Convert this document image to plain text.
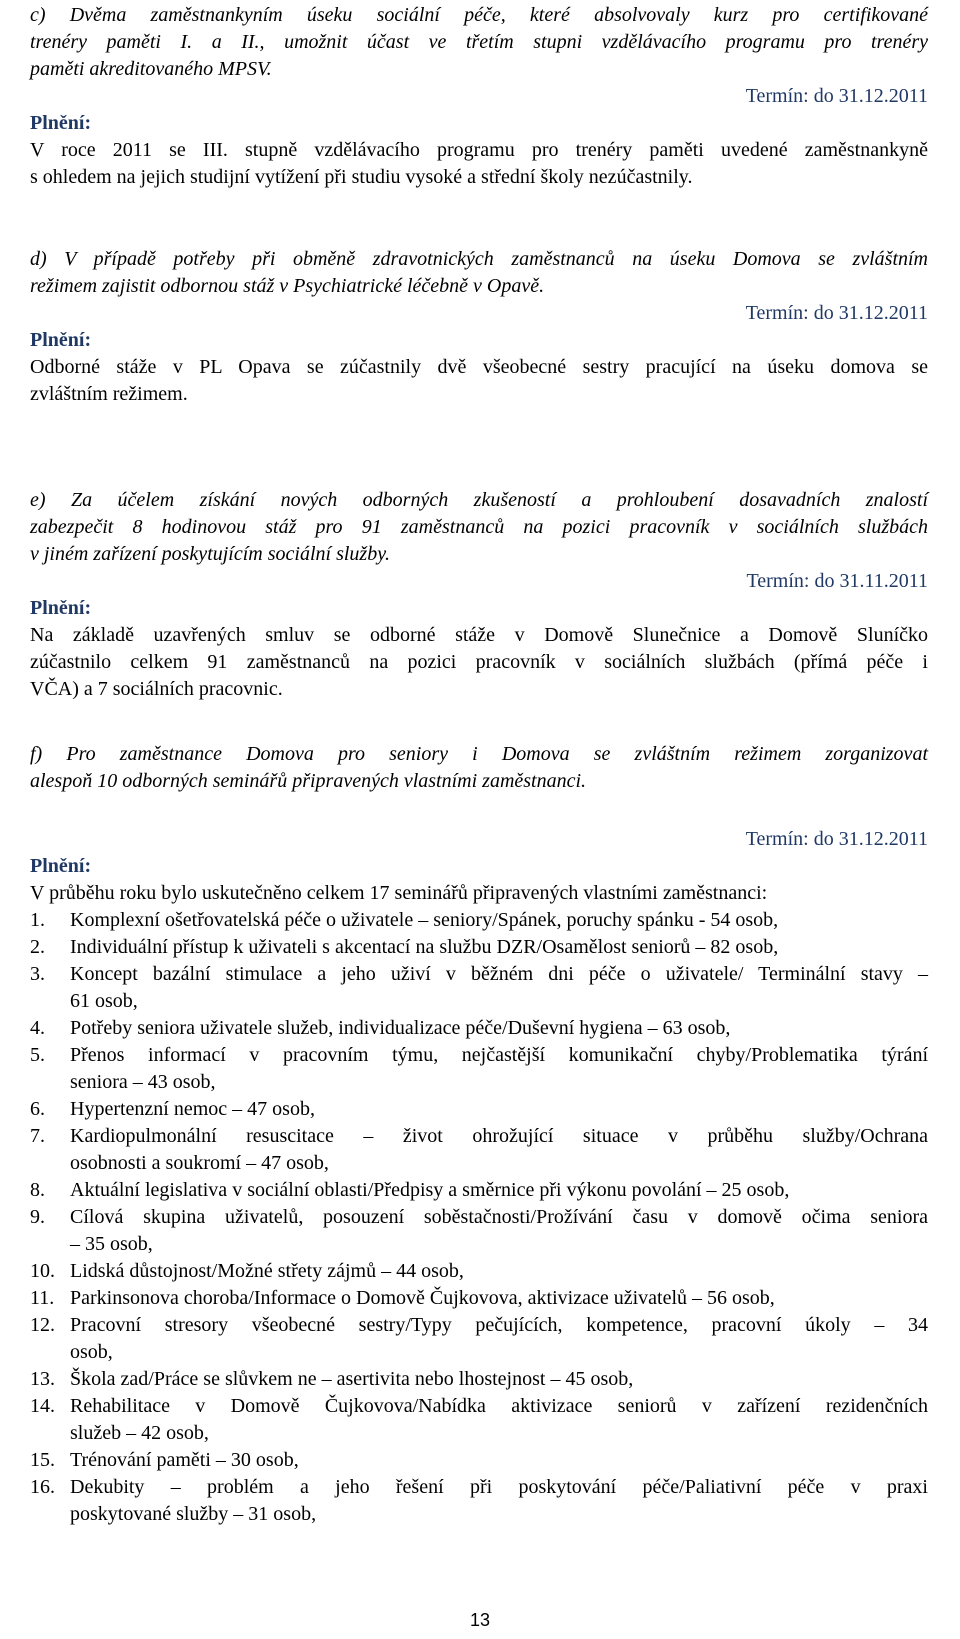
c) Dvěma zaměstnankyním úseku sociální péče, které absolvovaly kurz pro certifikované
trenéry paměti I. a II., umožnit účast ve třetím stupni vzdělávacího programu pro trenéry
paměti akreditovaného MPSV.
Termín: do 31.12.2011
Plnění:
V roce 2011 se III. stupně vzdělávacího programu pro trenéry paměti uvedené zaměstnankyně
s ohledem na jejich studijní vytížení při studiu vysoké a střední školy nezúčastnily.
d) V případě potřeby při obměně zdravotnických zaměstnanců na úseku Domova se zvláštním
režimem zajistit odbornou stáž v Psychiatrické léčebně v Opavě.
Termín: do 31.12.2011
Plnění:
Odborné stáže v PL Opava se zúčastnily dvě všeobecné sestry pracující na úseku domova se
zvláštním režimem.
e) Za účelem získání nových odborných zkušeností a prohloubení dosavadních znalostí
zabezpečit 8 hodinovou stáž pro 91 zaměstnanců na pozici pracovník v sociálních službách
v jiném zařízení poskytujícím sociální služby.
Termín: do 31.11.2011
Plnění:
Na základě uzavřených smluv se odborné stáže v Domově Slunečnice a Domově Sluníčko
zúčastnilo celkem 91 zaměstnanců na pozici pracovník v sociálních službách (přímá péče i
VČA) a 7 sociálních pracovnic.
f) Pro zaměstnance Domova pro seniory i Domova se zvláštním režimem zorganizovat
alespoň 10 odborných seminářů připravených vlastními zaměstnanci.
Termín: do 31.12.2011
Plnění:
V průběhu roku bylo uskutečněno celkem 17 seminářů připravených vlastními zaměstnanci:
1.	Komplexní ošetřovatelská péče o uživatele – seniory/Spánek, poruchy spánku - 54 osob,
2.	Individuální přístup k uživateli s akcentací na službu DZR/Osamělost seniorů – 82 osob,
3.	Koncept bazální stimulace a jeho uživí v běžném dni péče o uživatele/ Terminální stavy –
61 osob,
4.	Potřeby seniora uživatele služeb, individualizace péče/Duševní hygiena – 63 osob,
5.	Přenos informací v pracovním týmu, nejčastější komunikační chyby/Problematika týrání
seniora – 43 osob,
6.	Hypertenzní nemoc – 47 osob,
7.	Kardiopulmonální resuscitace – život ohrožující situace v průběhu služby/Ochrana
osobnosti a soukromí – 47 osob,
8.	Aktuální legislativa v sociální oblasti/Předpisy a směrnice při výkonu povolání – 25 osob,
9.	Cílová skupina uživatelů, posouzení soběstačnosti/Prožívání času v domově očima seniora
– 35 osob,
10. Lidská důstojnost/Možné střety zájmů – 44 osob,
11. Parkinsonova choroba/Informace o Domově Čujkovova, aktivizace uživatelů – 56 osob,
12. Pracovní stresory všeobecné sestry/Typy pečujících, kompetence, pracovní úkoly – 34
osob,
13. Škola zad/Práce se slůvkem ne – asertivita nebo lhostejnost – 45 osob,
14. Rehabilitace v Domově Čujkovova/Nabídka aktivizace seniorů v zařízení rezidenčních
služeb – 42 osob,
15. Trénování paměti – 30 osob,
16. Dekubity – problém a jeho řešení při poskytování péče/Paliativní péče v praxi
poskytované služby – 31 osob,
13
